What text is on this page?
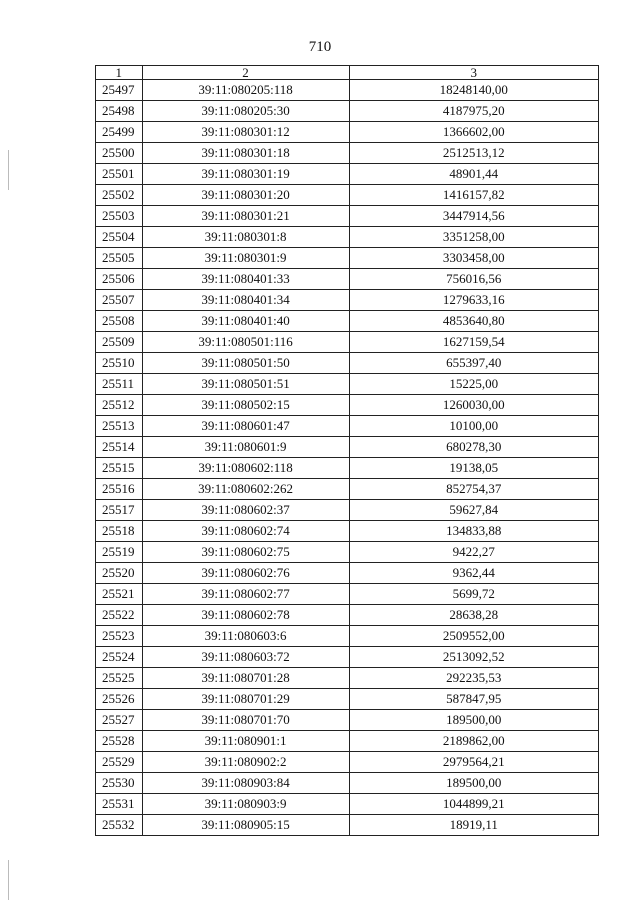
710
1	2	3
25497	39:11:080205:118	18248140,00
25498	39:11:080205:30	4187975,20
25499	39:11:080301:12	1366602,00
25500	39:11:080301:18	2512513,12
25501	39:11:080301:19	48901,44
25502	39:11:080301:20	1416157,82
25503	39:11:080301:21	3447914,56
25504	39:11:080301:8	3351258,00
25505	39:11:080301:9	3303458,00
25506	39:11:080401:33	756016,56
25507	39:11:080401:34	1279633,16
25508	39:11:080401:40	4853640,80
25509	39:11:080501:116	1627159,54
25510	39:11:080501:50	655397,40
25511	39:11:080501:51	15225,00
25512	39:11:080502:15	1260030,00
25513	39:11:080601:47	10100,00
25514	39:11:080601:9	680278,30
25515	39:11:080602:118	19138,05
25516	39:11:080602:262	852754,37
25517	39:11:080602:37	59627,84
25518	39:11:080602:74	134833,88
25519	39:11:080602:75	9422,27
25520	39:11:080602:76	9362,44
25521	39:11:080602:77	5699,72
25522	39:11:080602:78	28638,28
25523	39:11:080603:6	2509552,00
25524	39:11:080603:72	2513092,52
25525	39:11:080701:28	292235,53
25526	39:11:080701:29	587847,95
25527	39:11:080701:70	189500,00
25528	39:11:080901:1	2189862,00
25529	39:11:080902:2	2979564,21
25530	39:11:080903:84	189500,00
25531	39:11:080903:9	1044899,21
25532	39:11:080905:15	18919,11
